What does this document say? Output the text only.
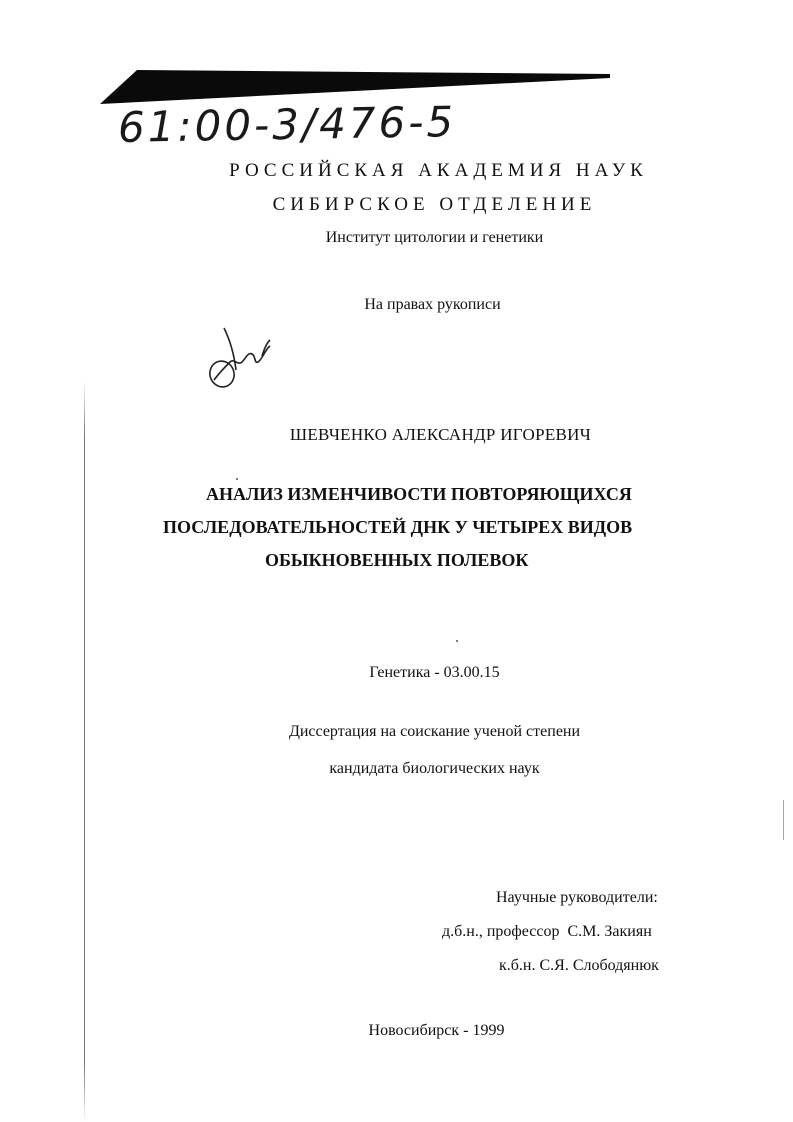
61:00-3/476-5
РОССИЙСКАЯ АКАДЕМИЯ НАУК
СИБИРСКОЕ ОТДЕЛЕНИЕ
Институт цитологии и генетики
На правах рукописи
ШЕВЧЕНКО АЛЕКСАНДР ИГОРЕВИЧ
АНАЛИЗ ИЗМЕНЧИВОСТИ ПОВТОРЯЮЩИХСЯ
ПОСЛЕДОВАТЕЛЬНОСТЕЙ ДНК У ЧЕТЫРЕХ ВИДОВ
ОБЫКНОВЕННЫХ ПОЛЕВОК
Генетика - 03.00.15
Диссертация на соискание ученой степени
кандидата биологических наук
Научные руководители:
д.б.н., профессор  С.М. Закиян
к.б.н. С.Я. Слободянюк
Новосибирск - 1999
